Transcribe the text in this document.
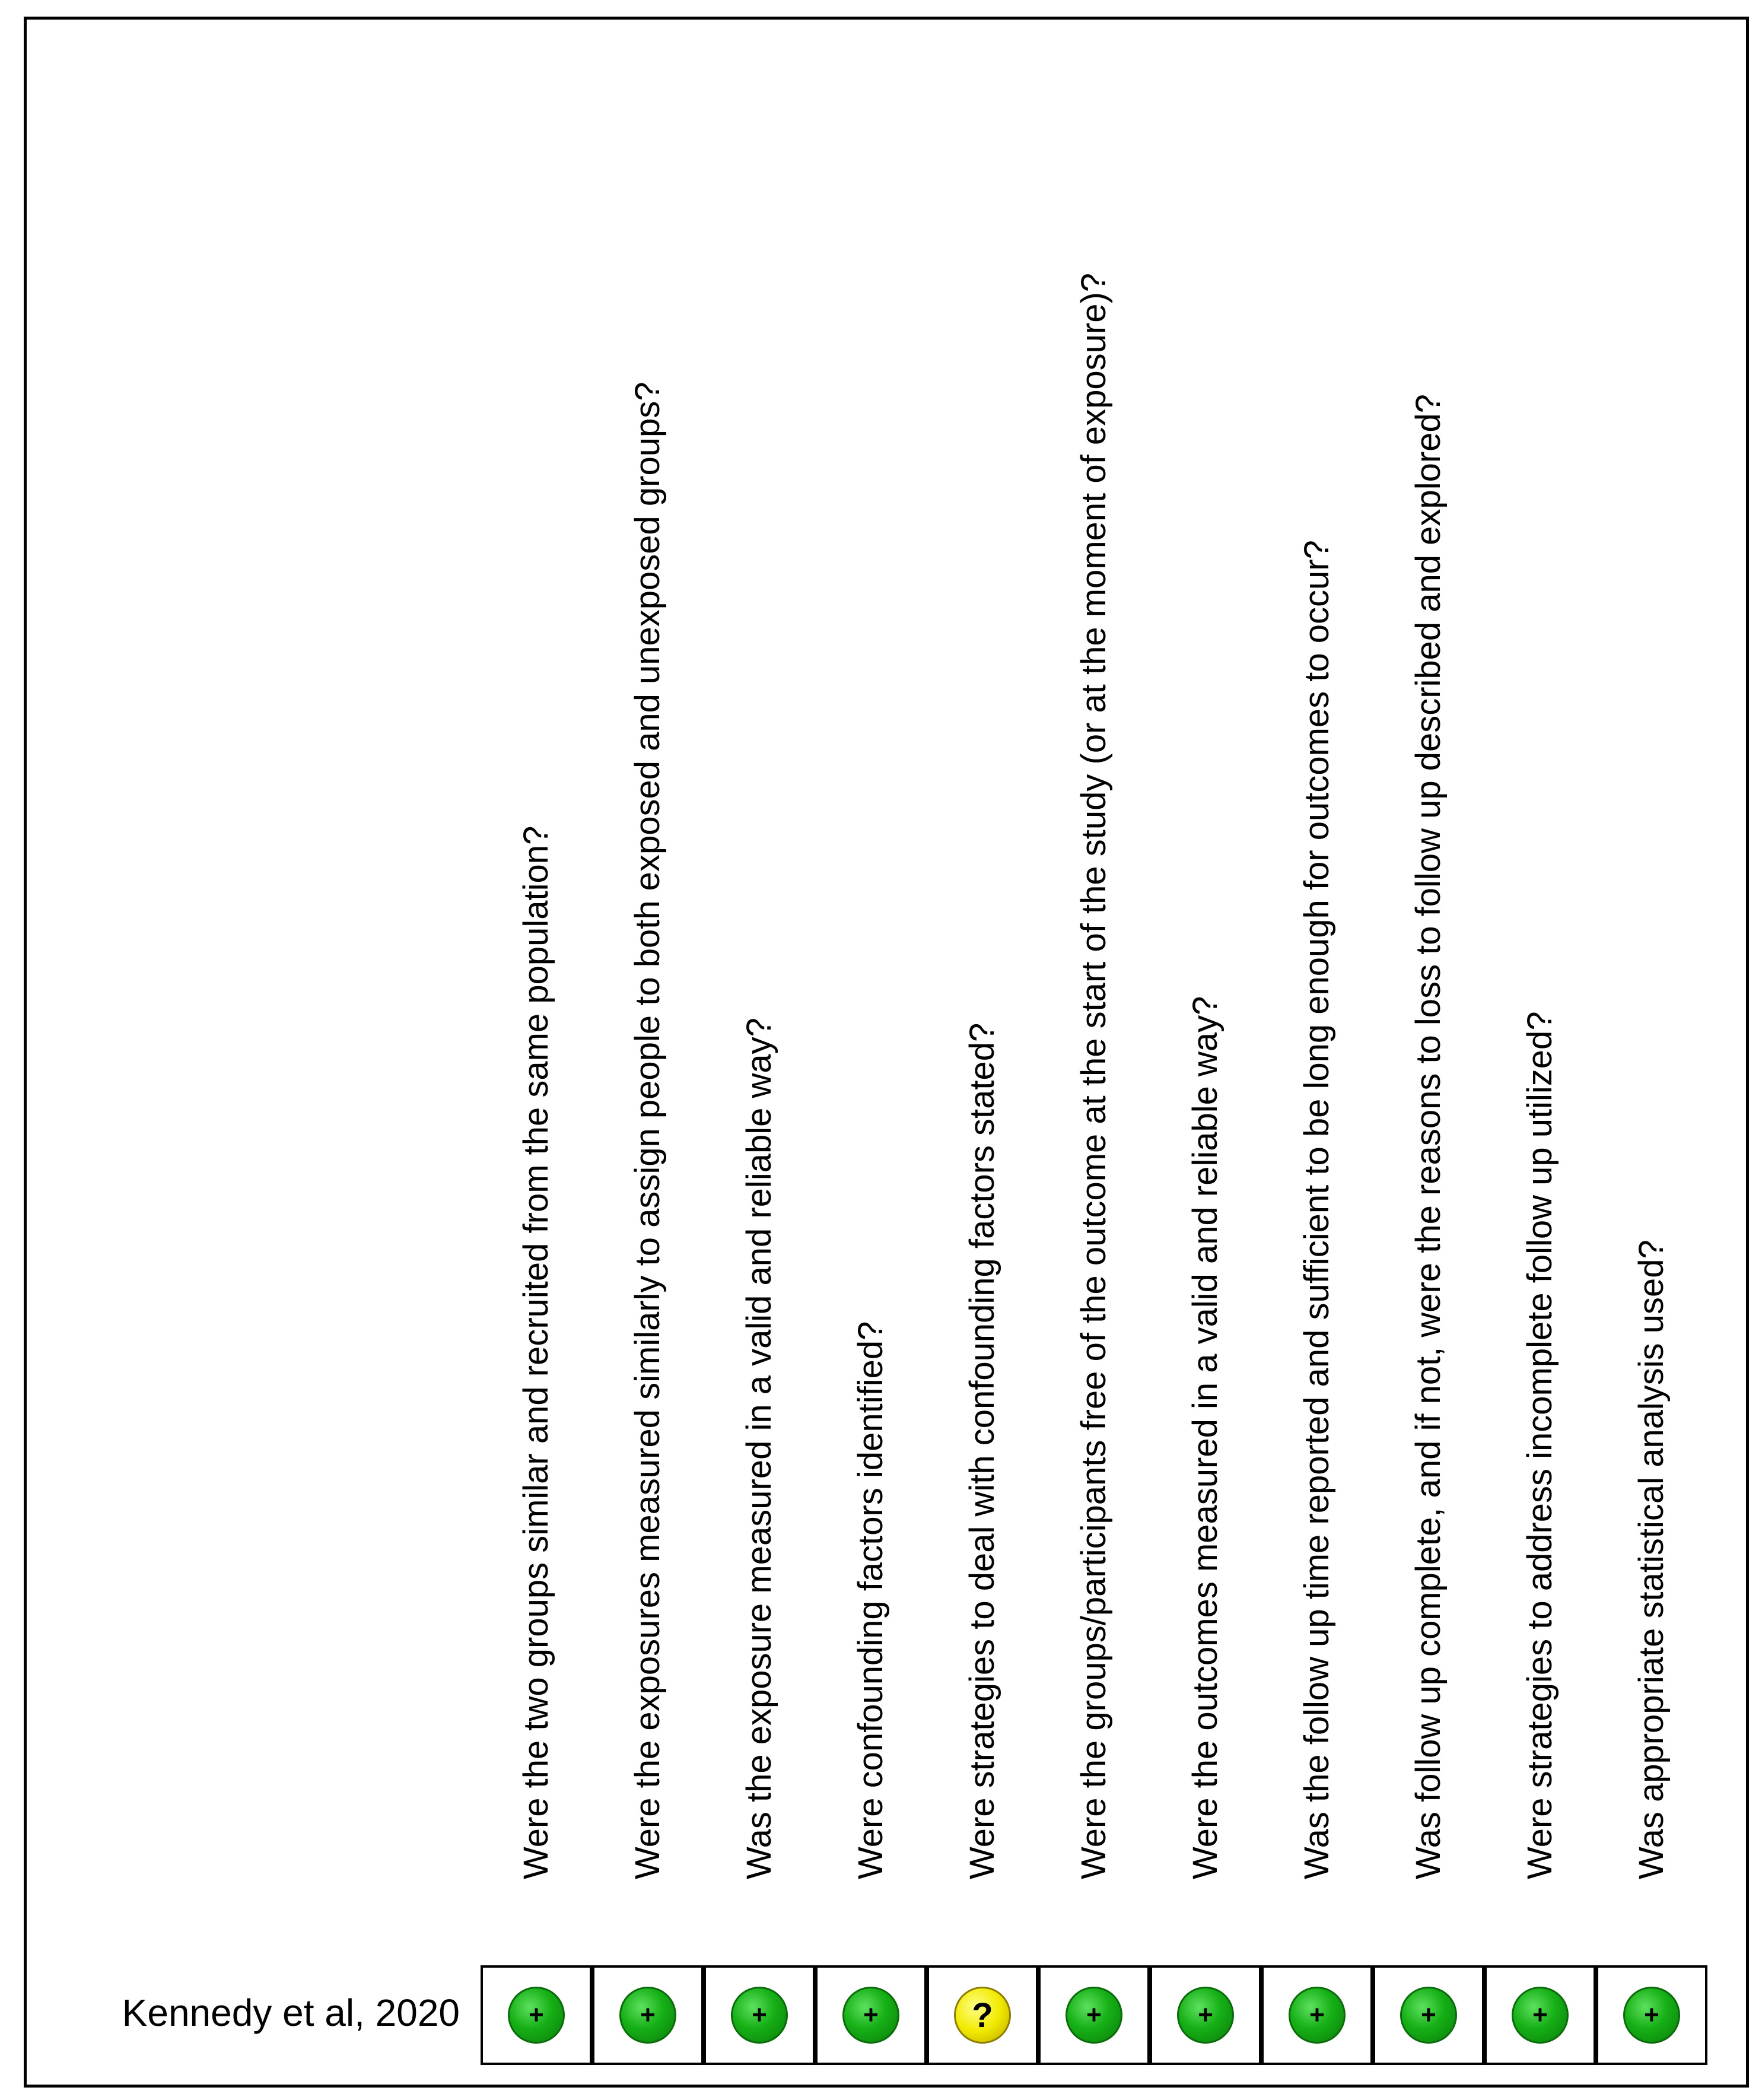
Were the two groups similar and recruited from the same population? Were the exposures measured similarly to assign people to both exposed and unexposed groups? Was the exposure measured in a valid and reliable way? Were confounding factors identified? Were strategies to deal with confounding factors stated? Were the groups/participants free of the outcome at the start of the study (or at the moment of exposure)? Were the outcomes measured in a valid and reliable way? Was the follow up time reported and sufficient to be long enough for outcomes to occur? Was follow up complete, and if not, were the reasons to loss to follow up described and explored? Were strategies to address incomplete follow up utilized? Was appropriate statistical analysis used?
Kennedy et al, 2020	+	+	+	+	?	+	+	+	+	+	+
